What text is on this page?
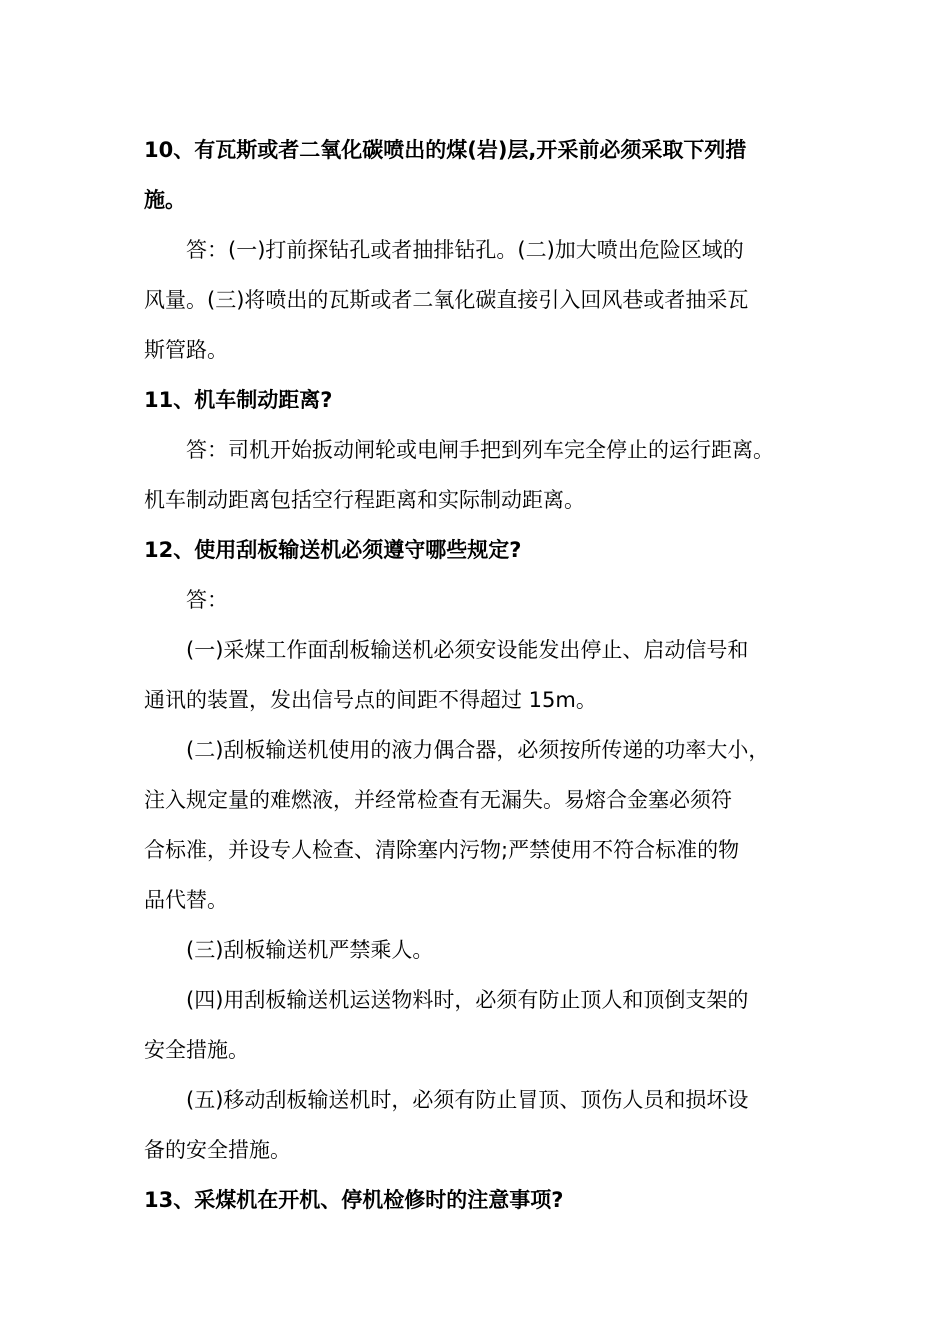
10、有瓦斯或者二氧化碳喷出的煤(岩)层,开采前必须采取下列措
施。
答：(一)打前探钻孔或者抽排钻孔。(二)加大喷出危险区域的
风量。(三)将喷出的瓦斯或者二氧化碳直接引入回风巷或者抽采瓦
斯管路。
11、机车制动距离?
答：司机开始扳动闸轮或电闸手把到列车完全停止的运行距离。
机车制动距离包括空行程距离和实际制动距离。
12、使用刮板输送机必须遵守哪些规定?
答：
(一)采煤工作面刮板输送机必须安设能发出停止、启动信号和
通讯的装置，发出信号点的间距不得超过 15m。
(二)刮板输送机使用的液力偶合器，必须按所传递的功率大小，
注入规定量的难燃液，并经常检查有无漏失。易熔合金塞必须符
合标准，并设专人检查、清除塞内污物;严禁使用不符合标准的物
品代替。
(三)刮板输送机严禁乘人。
(四)用刮板输送机运送物料时，必须有防止顶人和顶倒支架的
安全措施。
(五)移动刮板输送机时，必须有防止冒顶、顶伤人员和损坏设
备的安全措施。
13、采煤机在开机、停机检修时的注意事项?
